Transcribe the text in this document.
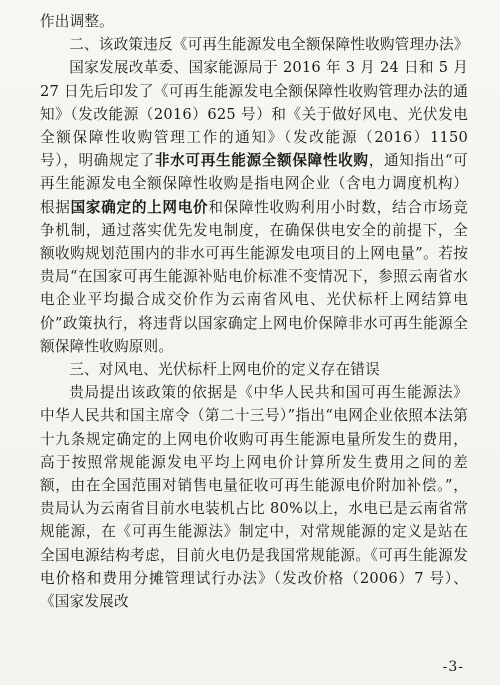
作出调整。

二、该政策违反《可再生能源发电全额保障性收购管理办法》

国家发展改革委、国家能源局于 2016 年 3 月 24 日和 5 月 27 日先后印发了《可再生能源发电全额保障性收购管理办法的通知》（发改能源（2016）625 号）和《关于做好风电、光伏发电全额保障性收购管理工作的通知》（发改能源（2016）1150 号），明确规定了非水可再生能源全额保障性收购，通知指出“可再生能源发电全额保障性收购是指电网企业（含电力调度机构）根据国家确定的上网电价和保障性收购利用小时数，结合市场竞争机制，通过落实优先发电制度，在确保供电安全的前提下，全额收购规划范围内的非水可再生能源发电项目的上网电量”。若按贵局“在国家可再生能源补贴电价标准不变情况下，参照云南省水电企业平均撮合成交价作为云南省风电、光伏标杆上网结算电价”政策执行，将违背以国家确定上网电价保障非水可再生能源全额保障性收购原则。

三、对风电、光伏标杆上网电价的定义存在错误

贵局提出该政策的依据是《中华人民共和国可再生能源法》中华人民共和国主席令（第二十三号）”指出“电网企业依照本法第十九条规定确定的上网电价收购可再生能源电量所发生的费用，高于按照常规能源发电平均上网电价计算所发生费用之间的差额，由在全国范围对销售电量征收可再生能源电价附加补偿。”，贵局认为云南省目前水电装机占比 80%以上，水电已是云南省常规能源，在《可再生能源法》制定中，对常规能源的定义是站在全国电源结构考虑，目前火电仍是我国常规能源。《可再生能源发电价格和费用分摊管理试行办法》（发改价格（2006）7 号）、《国家发展改

-3-
